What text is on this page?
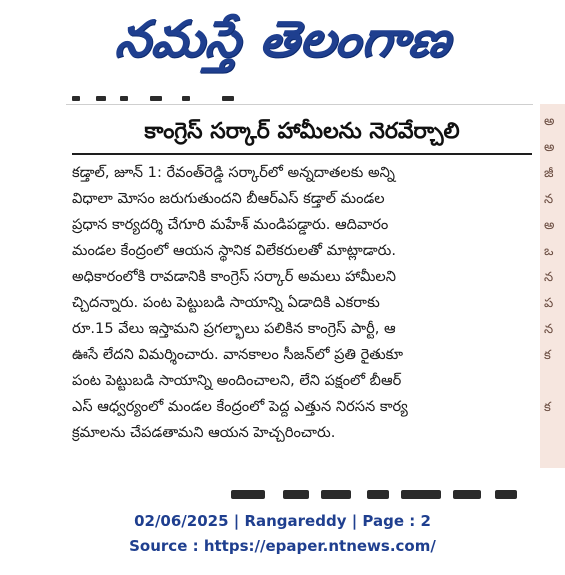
నమస్తే తెలంగాణ
అ
అ
జీ
న
అ
ఒ
న
ప
న
క
క
కాంగ్రెస్ సర్కార్ హామీలను నెరవేర్చాలి
కడ్తాల్, జూన్ 1: రేవంత్‌రెడ్డి సర్కార్‌లో అన్నదాతలకు అన్ని
విధాలా మోసం జరుగుతుందని బీఆర్‌ఎస్ కడ్తాల్ మండల
ప్రధాన కార్యదర్శి చేగూరి మహేశ్ మండిపడ్డారు. ఆదివారం
మండల కేంద్రంలో ఆయన స్థానిక విలేకరులతో మాట్లాడారు.
అధికారంలోకి రావడానికి కాంగ్రెస్ సర్కార్ అమలు హామీలని
చ్చిదన్నారు. పంట పెట్టుబడి సాయాన్ని ఏడాదికి ఎకరాకు
రూ.15 వేలు ఇస్తామని ప్రగల్భాలు పలికిన కాంగ్రెస్ పార్టీ, ఆ
ఊసే లేదని విమర్శించారు. వానకాలం సీజన్‌లో ప్రతి రైతుకూ
పంట పెట్టుబడి సాయాన్ని అందించాలని, లేని పక్షంలో బీఆర్
ఎస్ ఆధ్వర్యంలో మండల కేంద్రంలో పెద్ద ఎత్తున నిరసన కార్య
క్రమాలను చేపడతామని ఆయన హెచ్చరించారు.
02/06/2025 | Rangareddy | Page : 2
Source : https://epaper.ntnews.com/
